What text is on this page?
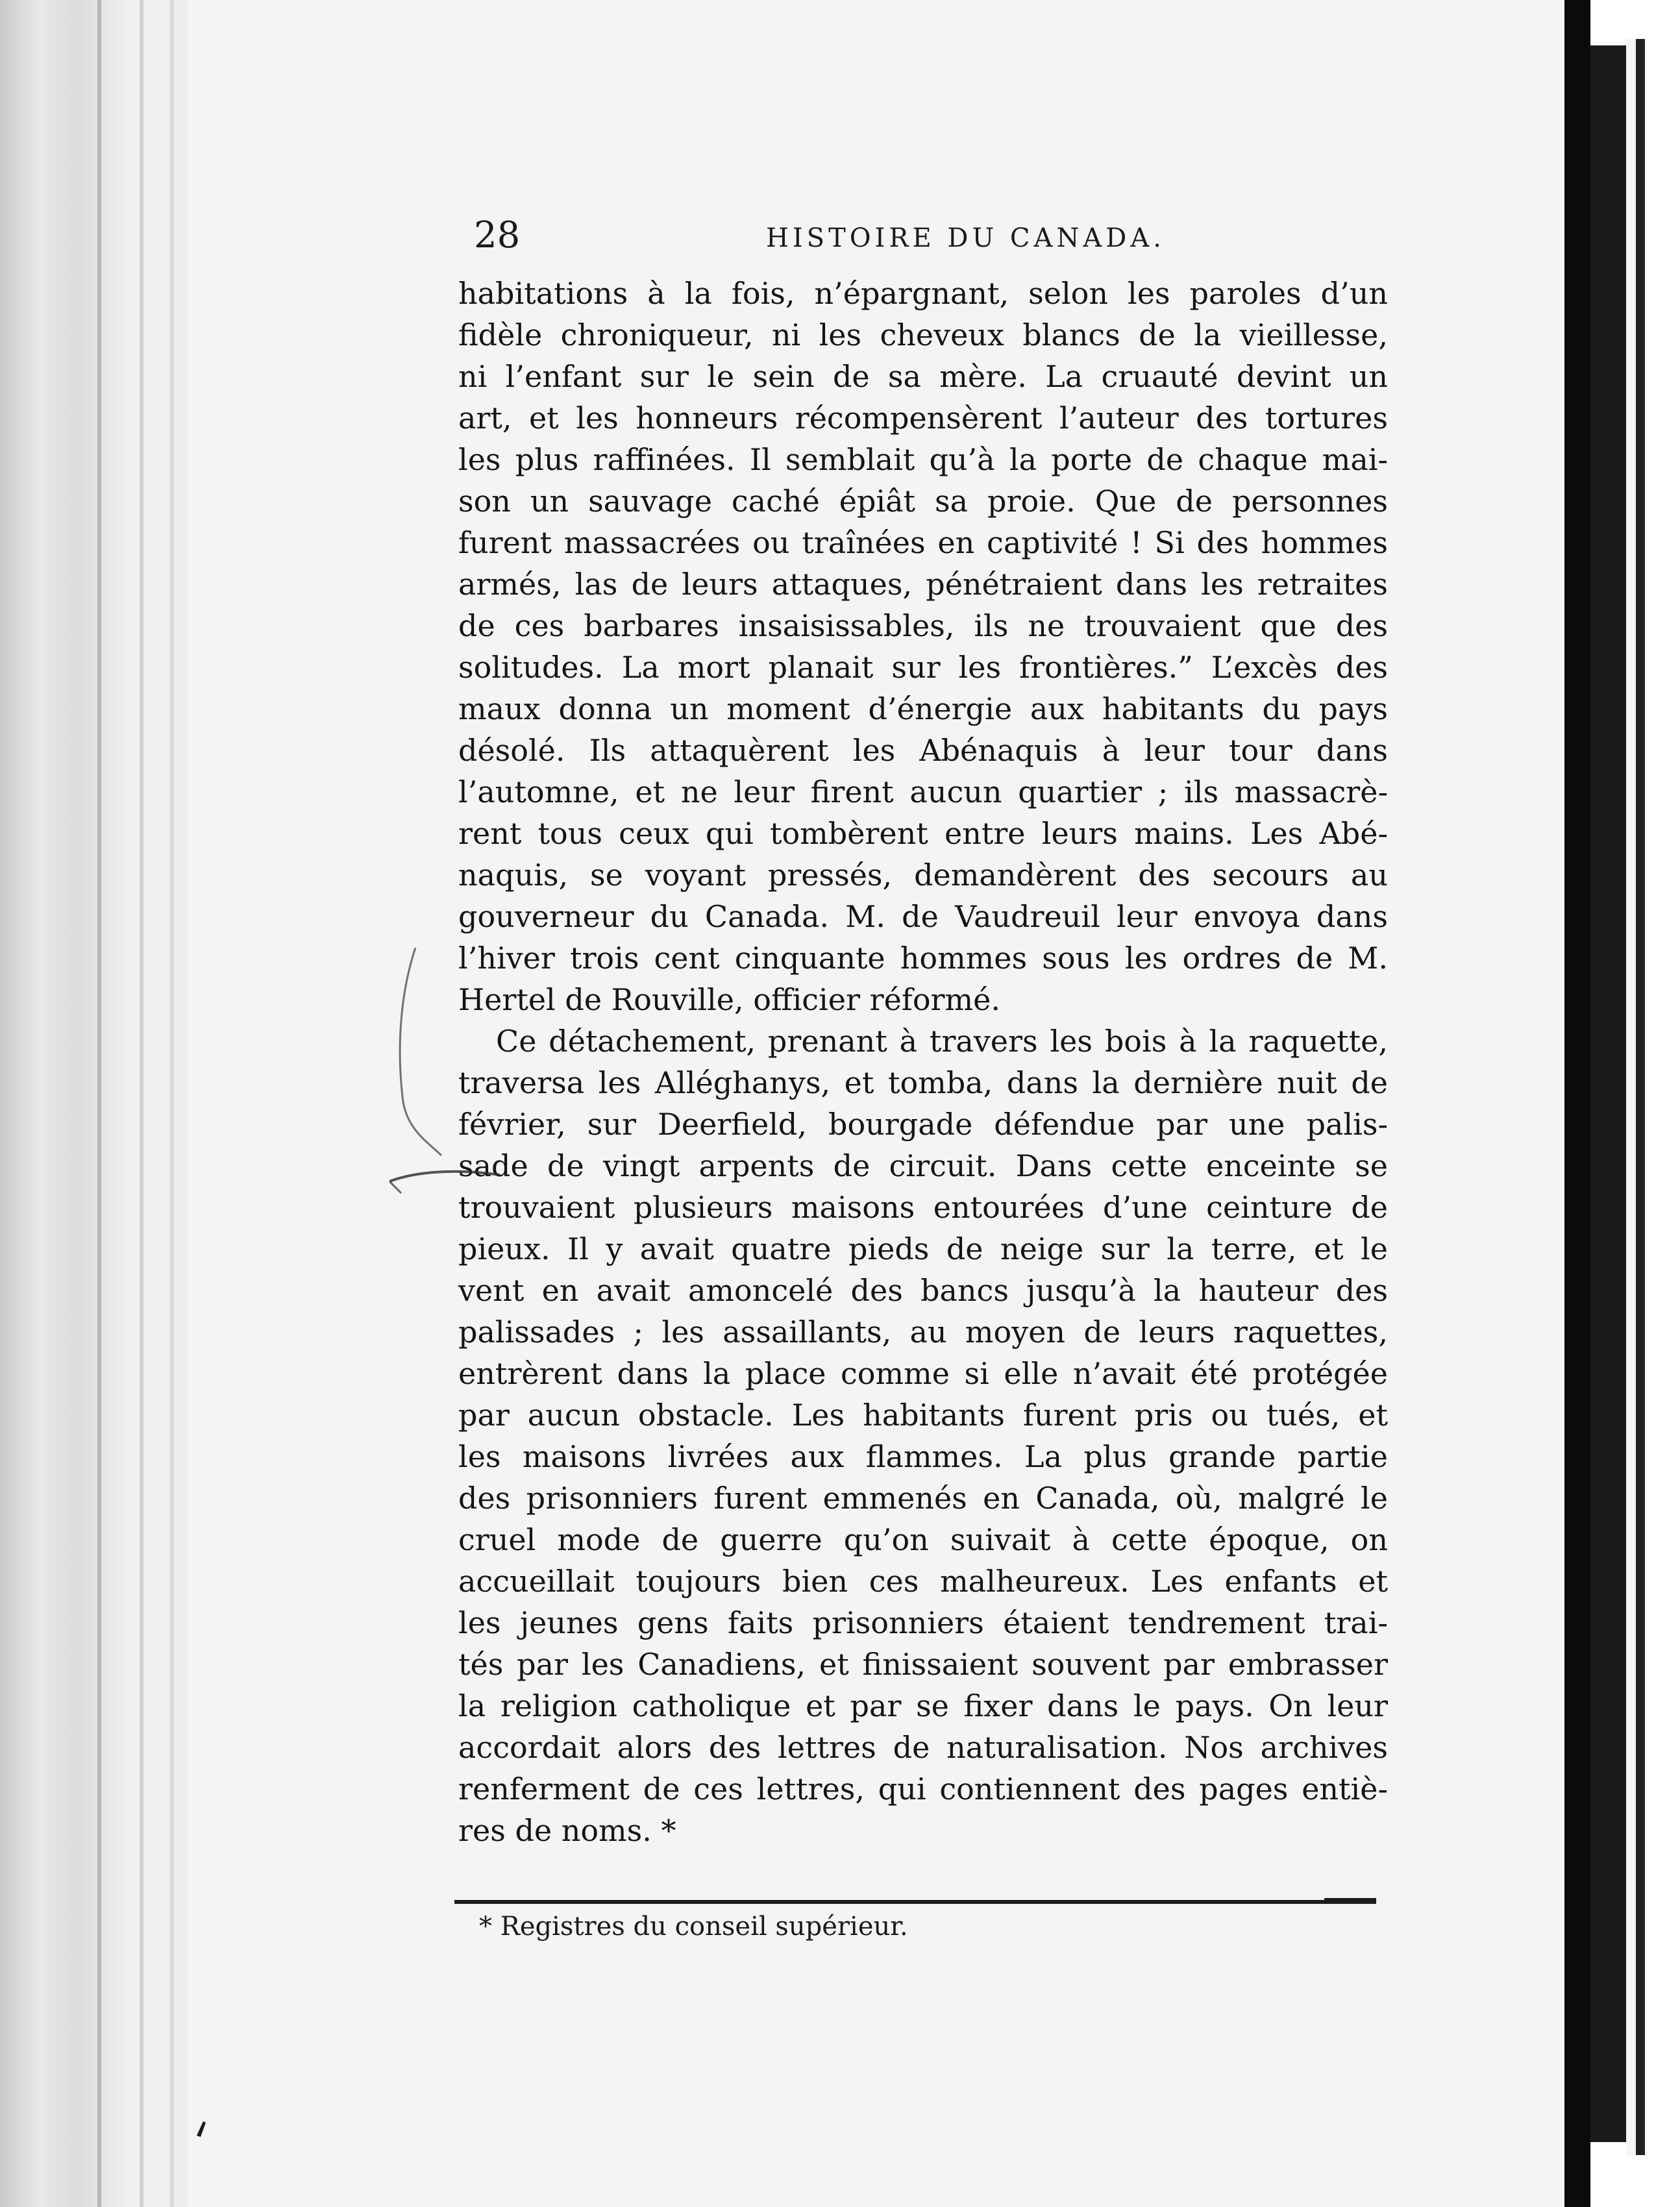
28	HISTOIRE DU CANADA.
habitations à la fois, n’épargnant, selon les paroles d’un
fidèle chroniqueur, ni les cheveux blancs de la vieillesse,
ni l’enfant sur le sein de sa mère. La cruauté devint un
art, et les honneurs récompensèrent l’auteur des tortures
les plus raffinées. Il semblait qu’à la porte de chaque mai-
son un sauvage caché épiât sa proie. Que de personnes
furent massacrées ou traînées en captivité ! Si des hommes
armés, las de leurs attaques, pénétraient dans les retraites
de ces barbares insaisissables, ils ne trouvaient que des
solitudes. La mort planait sur les frontières.” L’excès des
maux donna un moment d’énergie aux habitants du pays
désolé. Ils attaquèrent les Abénaquis à leur tour dans
l’automne, et ne leur firent aucun quartier ; ils massacrè-
rent tous ceux qui tombèrent entre leurs mains. Les Abé-
naquis, se voyant pressés, demandèrent des secours au
gouverneur du Canada. M. de Vaudreuil leur envoya dans
l’hiver trois cent cinquante hommes sous les ordres de M.
Hertel de Rouville, officier réformé.
Ce détachement, prenant à travers les bois à la raquette,
traversa les Alléghanys, et tomba, dans la dernière nuit de
février, sur Deerfield, bourgade défendue par une palis-
sade de vingt arpents de circuit. Dans cette enceinte se
trouvaient plusieurs maisons entourées d’une ceinture de
pieux. Il y avait quatre pieds de neige sur la terre, et le
vent en avait amoncelé des bancs jusqu’à la hauteur des
palissades ; les assaillants, au moyen de leurs raquettes,
entrèrent dans la place comme si elle n’avait été protégée
par aucun obstacle. Les habitants furent pris ou tués, et
les maisons livrées aux flammes. La plus grande partie
des prisonniers furent emmenés en Canada, où, malgré le
cruel mode de guerre qu’on suivait à cette époque, on
accueillait toujours bien ces malheureux. Les enfants et
les jeunes gens faits prisonniers étaient tendrement trai-
tés par les Canadiens, et finissaient souvent par embrasser
la religion catholique et par se fixer dans le pays. On leur
accordait alors des lettres de naturalisation. Nos archives
renferment de ces lettres, qui contiennent des pages entiè-
res de noms. *
* Registres du conseil supérieur.
